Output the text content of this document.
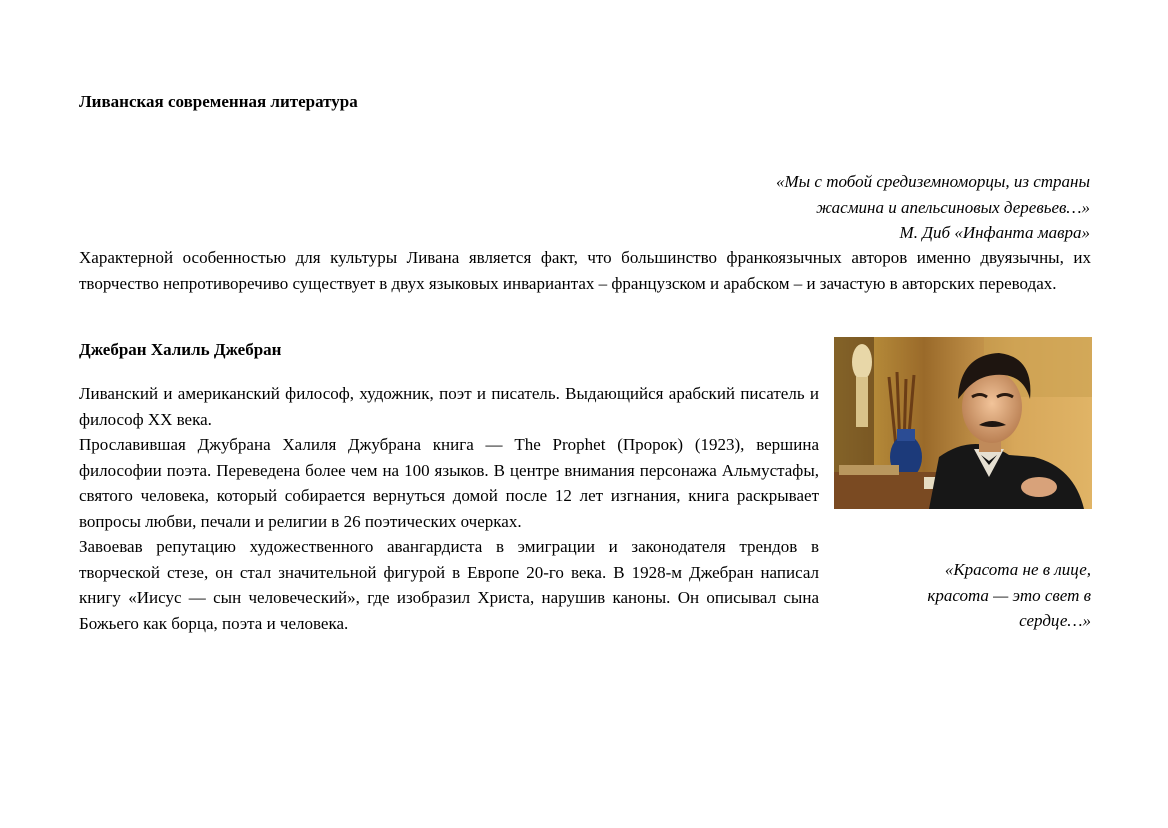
Ливанская современная литература
«Мы с тобой средиземноморцы, из страны
жасмина и апельсиновых деревьев…»
М. Диб «Инфанта мавра»

Характерной особенностью для культуры Ливана является факт, что большинство франкоязычных авторов именно двуязычны, их творчество непротиворечиво существует в двух языковых инвариантах – французском и арабском – и зачастую в авторских переводах.

Джебран Халиль Джебран

Ливанский и американский философ, художник, поэт и писатель. Выдающийся арабский писатель и философ XX века.

Прославившая Джубрана Халиля Джубрана книга — The Prophet (Пророк) (1923), вершина философии поэта. Переведена более чем на 100 языков. В центре внимания персонажа Альмустафы, святого человека, который собирается вернуться домой после 12 лет изгнания, книга раскрывает вопросы любви, печали и религии в 26 поэтических очерках.

Завоевав репутацию художественного авангардиста в эмиграции и законодателя трендов в творческой стезе, он стал значительной фигурой в Европе 20-го века. В 1928-м Джебран написал книгу «Иисус — сын человеческий», где изобразил Христа, нарушив каноны. Он описывал сына Божьего как борца, поэта и человека.

«Красота не в лице,
красота — это свет в
сердце…»
